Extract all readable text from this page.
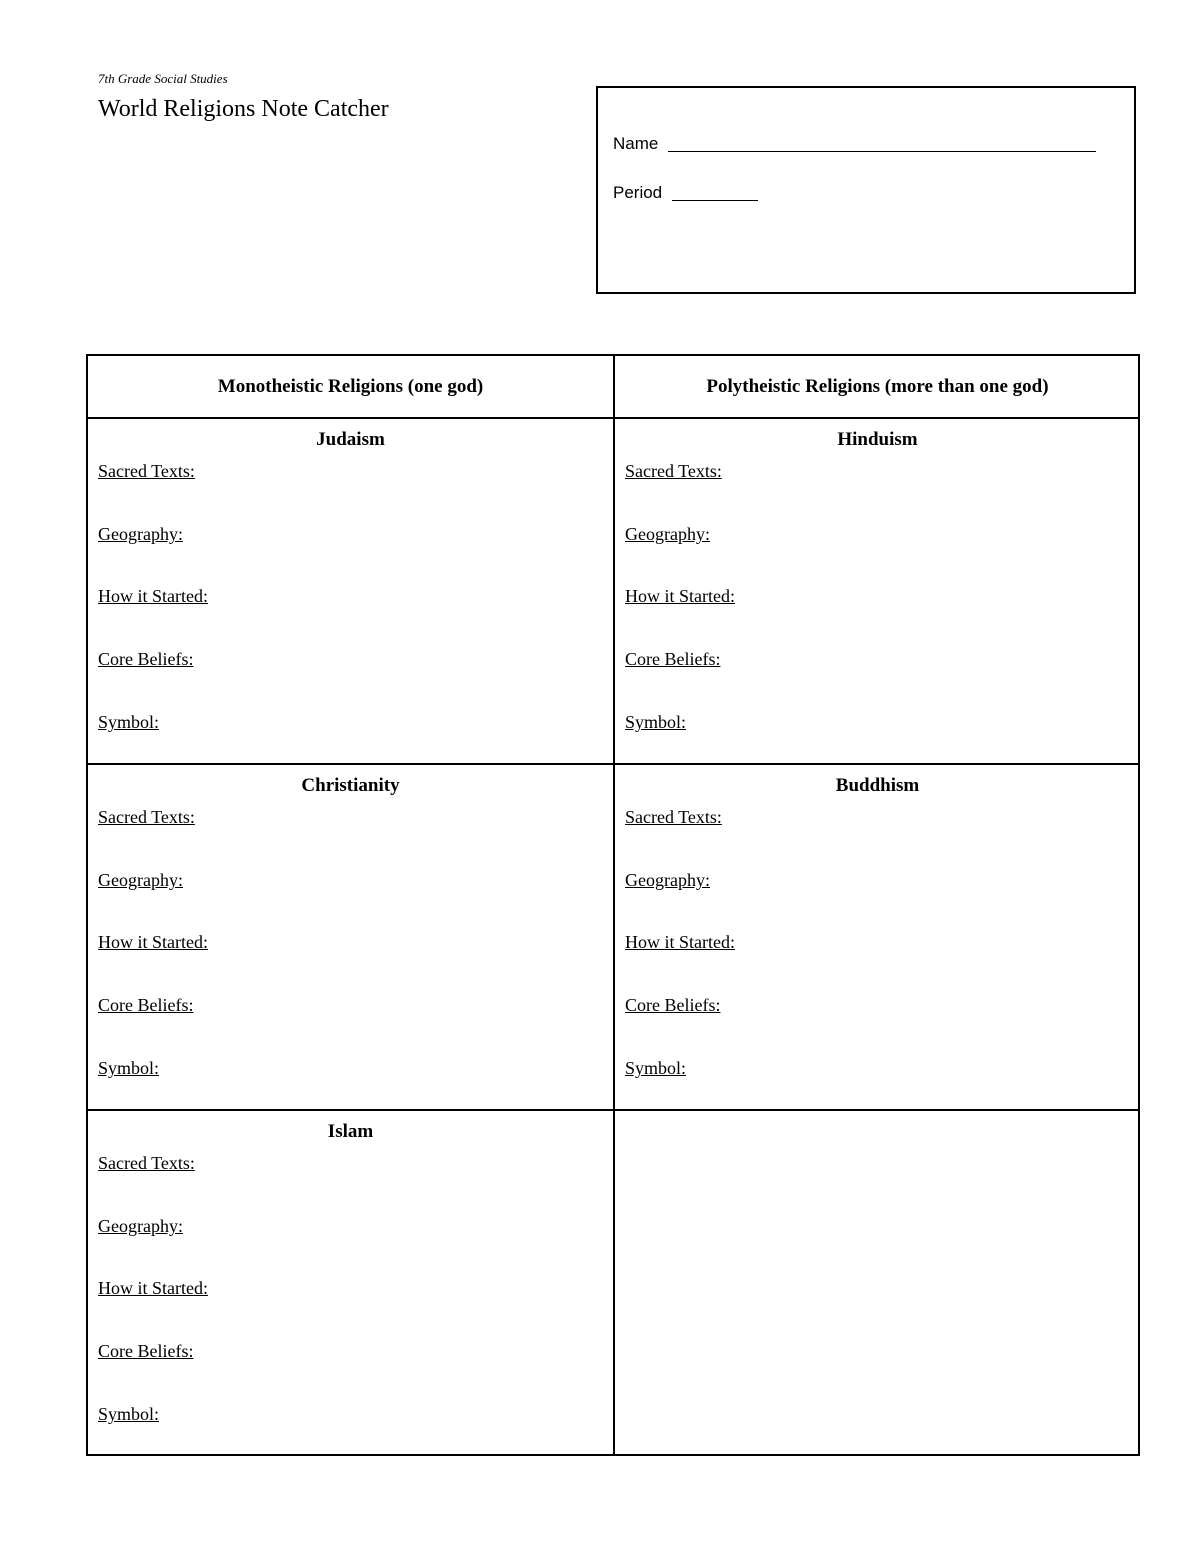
7th Grade Social Studies
World Religions Note Catcher
Name
Period
Monotheistic Religions (one god)	Polytheistic Religions (more than one god)
Judaism
Sacred Texts:
Geography:
How it Started:
Core Beliefs:
Symbol:
Hinduism
Sacred Texts:
Geography:
How it Started:
Core Beliefs:
Symbol:
Christianity
Sacred Texts:
Geography:
How it Started:
Core Beliefs:
Symbol:
Buddhism
Sacred Texts:
Geography:
How it Started:
Core Beliefs:
Symbol:
Islam
Sacred Texts:
Geography:
How it Started:
Core Beliefs:
Symbol:
